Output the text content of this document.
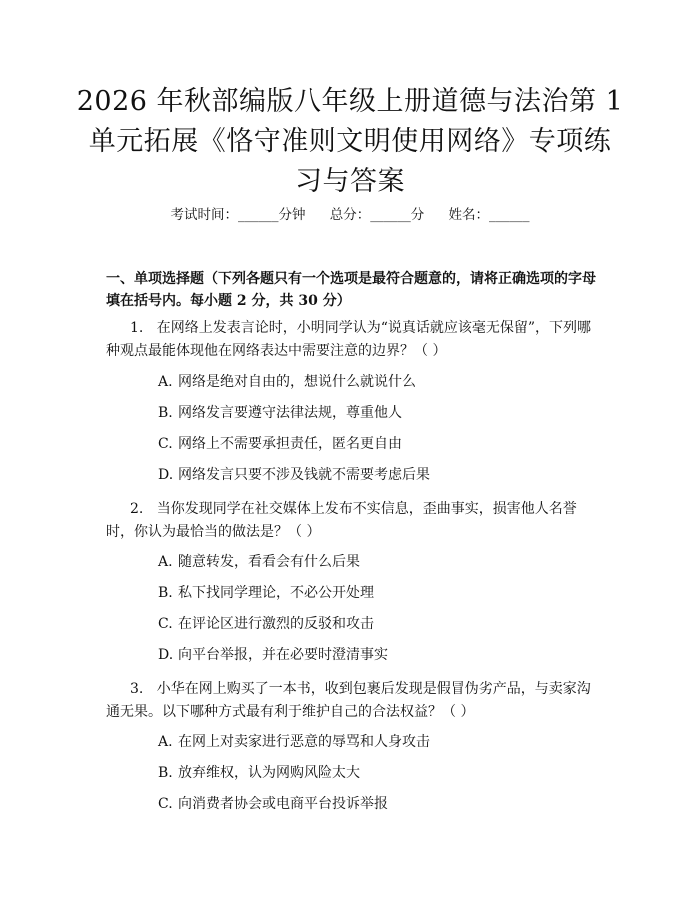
2026 年秋部编版八年级上册道德与法治第 1
单元拓展《恪守准则文明使用网络》专项练
习与答案
考试时间：______分钟 总分：______分 姓名：______
一、单项选择题（下列各题只有一个选项是最符合题意的，请将正确选项的字母填在括号内。每小题 2 分，共 30 分）
1. 在网络上发表言论时，小明同学认为“说真话就应该毫无保留”，下列哪种观点最能体现他在网络表达中需要注意的边界？（ ）
A. 网络是绝对自由的，想说什么就说什么
B. 网络发言要遵守法律法规，尊重他人
C. 网络上不需要承担责任，匿名更自由
D. 网络发言只要不涉及钱就不需要考虑后果
2. 当你发现同学在社交媒体上发布不实信息，歪曲事实，损害他人名誉时，你认为最恰当的做法是？（ ）
A. 随意转发，看看会有什么后果
B. 私下找同学理论，不必公开处理
C. 在评论区进行激烈的反驳和攻击
D. 向平台举报，并在必要时澄清事实
3. 小华在网上购买了一本书，收到包裹后发现是假冒伪劣产品，与卖家沟通无果。以下哪种方式最有利于维护自己的合法权益？（ ）
A. 在网上对卖家进行恶意的辱骂和人身攻击
B. 放弃维权，认为网购风险太大
C. 向消费者协会或电商平台投诉举报
